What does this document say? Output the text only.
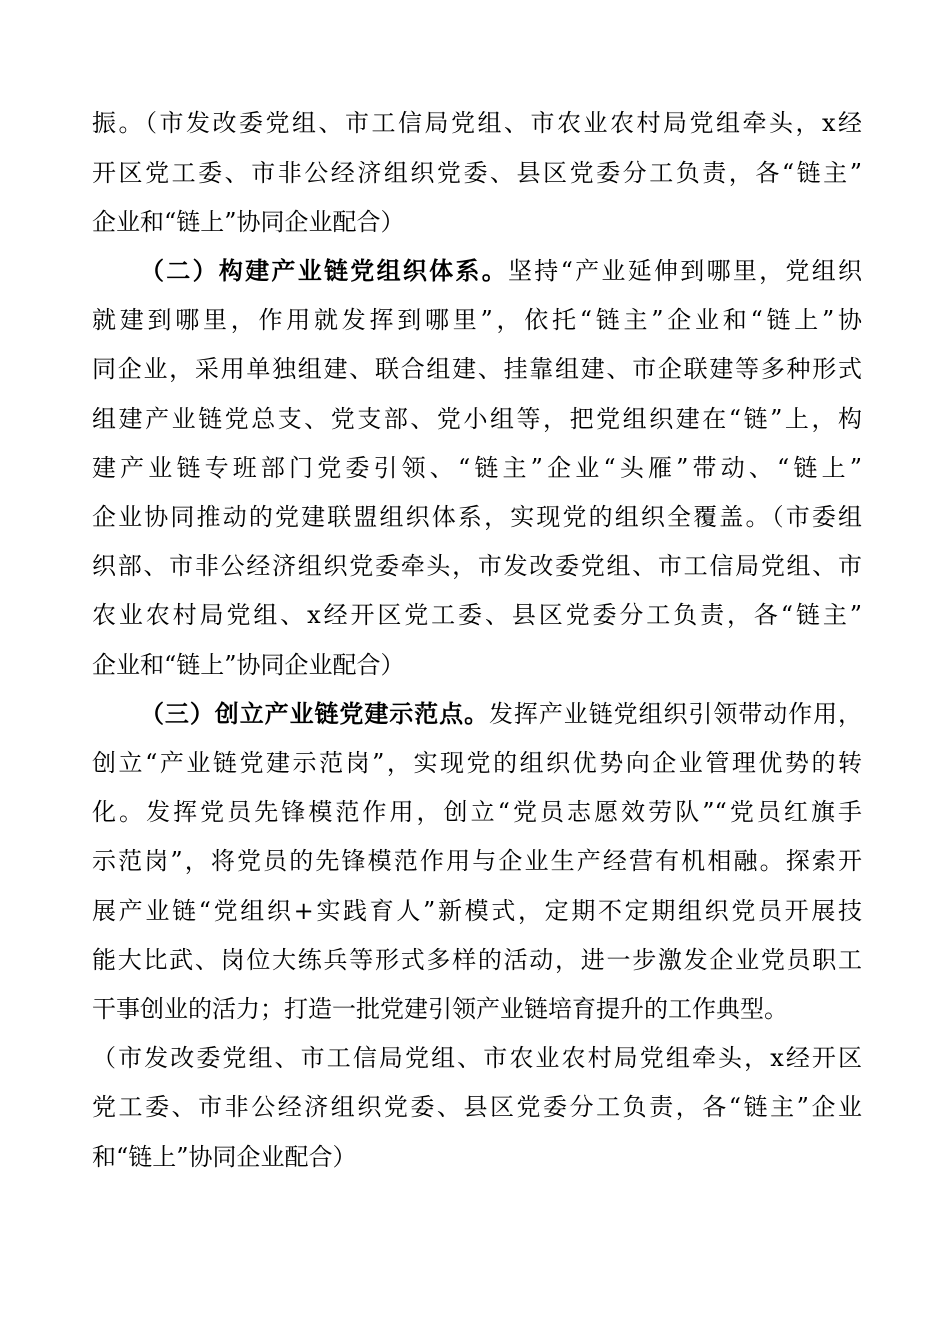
振。（市发改委党组、市工信局党组、市农业农村局党组牵头，x经
开区党工委、市非公经济组织党委、县区党委分工负责，各“链主”
企业和“链上”协同企业配合）
（二）构建产业链党组织体系。坚持“产业延伸到哪里，党组织
就建到哪里，作用就发挥到哪里”，依托“链主”企业和“链上”协
同企业，采用单独组建、联合组建、挂靠组建、市企联建等多种形式
组建产业链党总支、党支部、党小组等，把党组织建在“链”上，构
建产业链专班部门党委引领、“链主”企业“头雁”带动、“链上”
企业协同推动的党建联盟组织体系，实现党的组织全覆盖。（市委组
织部、市非公经济组织党委牵头，市发改委党组、市工信局党组、市
农业农村局党组、x经开区党工委、县区党委分工负责，各“链主”
企业和“链上”协同企业配合）
（三）创立产业链党建示范点。发挥产业链党组织引领带动作用，
创立“产业链党建示范岗”，实现党的组织优势向企业管理优势的转
化。发挥党员先锋模范作用，创立“党员志愿效劳队”“党员红旗手
示范岗”，将党员的先锋模范作用与企业生产经营有机相融。探索开
展产业链“党组织+实践育人”新模式，定期不定期组织党员开展技
能大比武、岗位大练兵等形式多样的活动，进一步激发企业党员职工
干事创业的活力；打造一批党建引领产业链培育提升的工作典型。
（市发改委党组、市工信局党组、市农业农村局党组牵头，x经开区
党工委、市非公经济组织党委、县区党委分工负责，各“链主”企业
和“链上”协同企业配合）
